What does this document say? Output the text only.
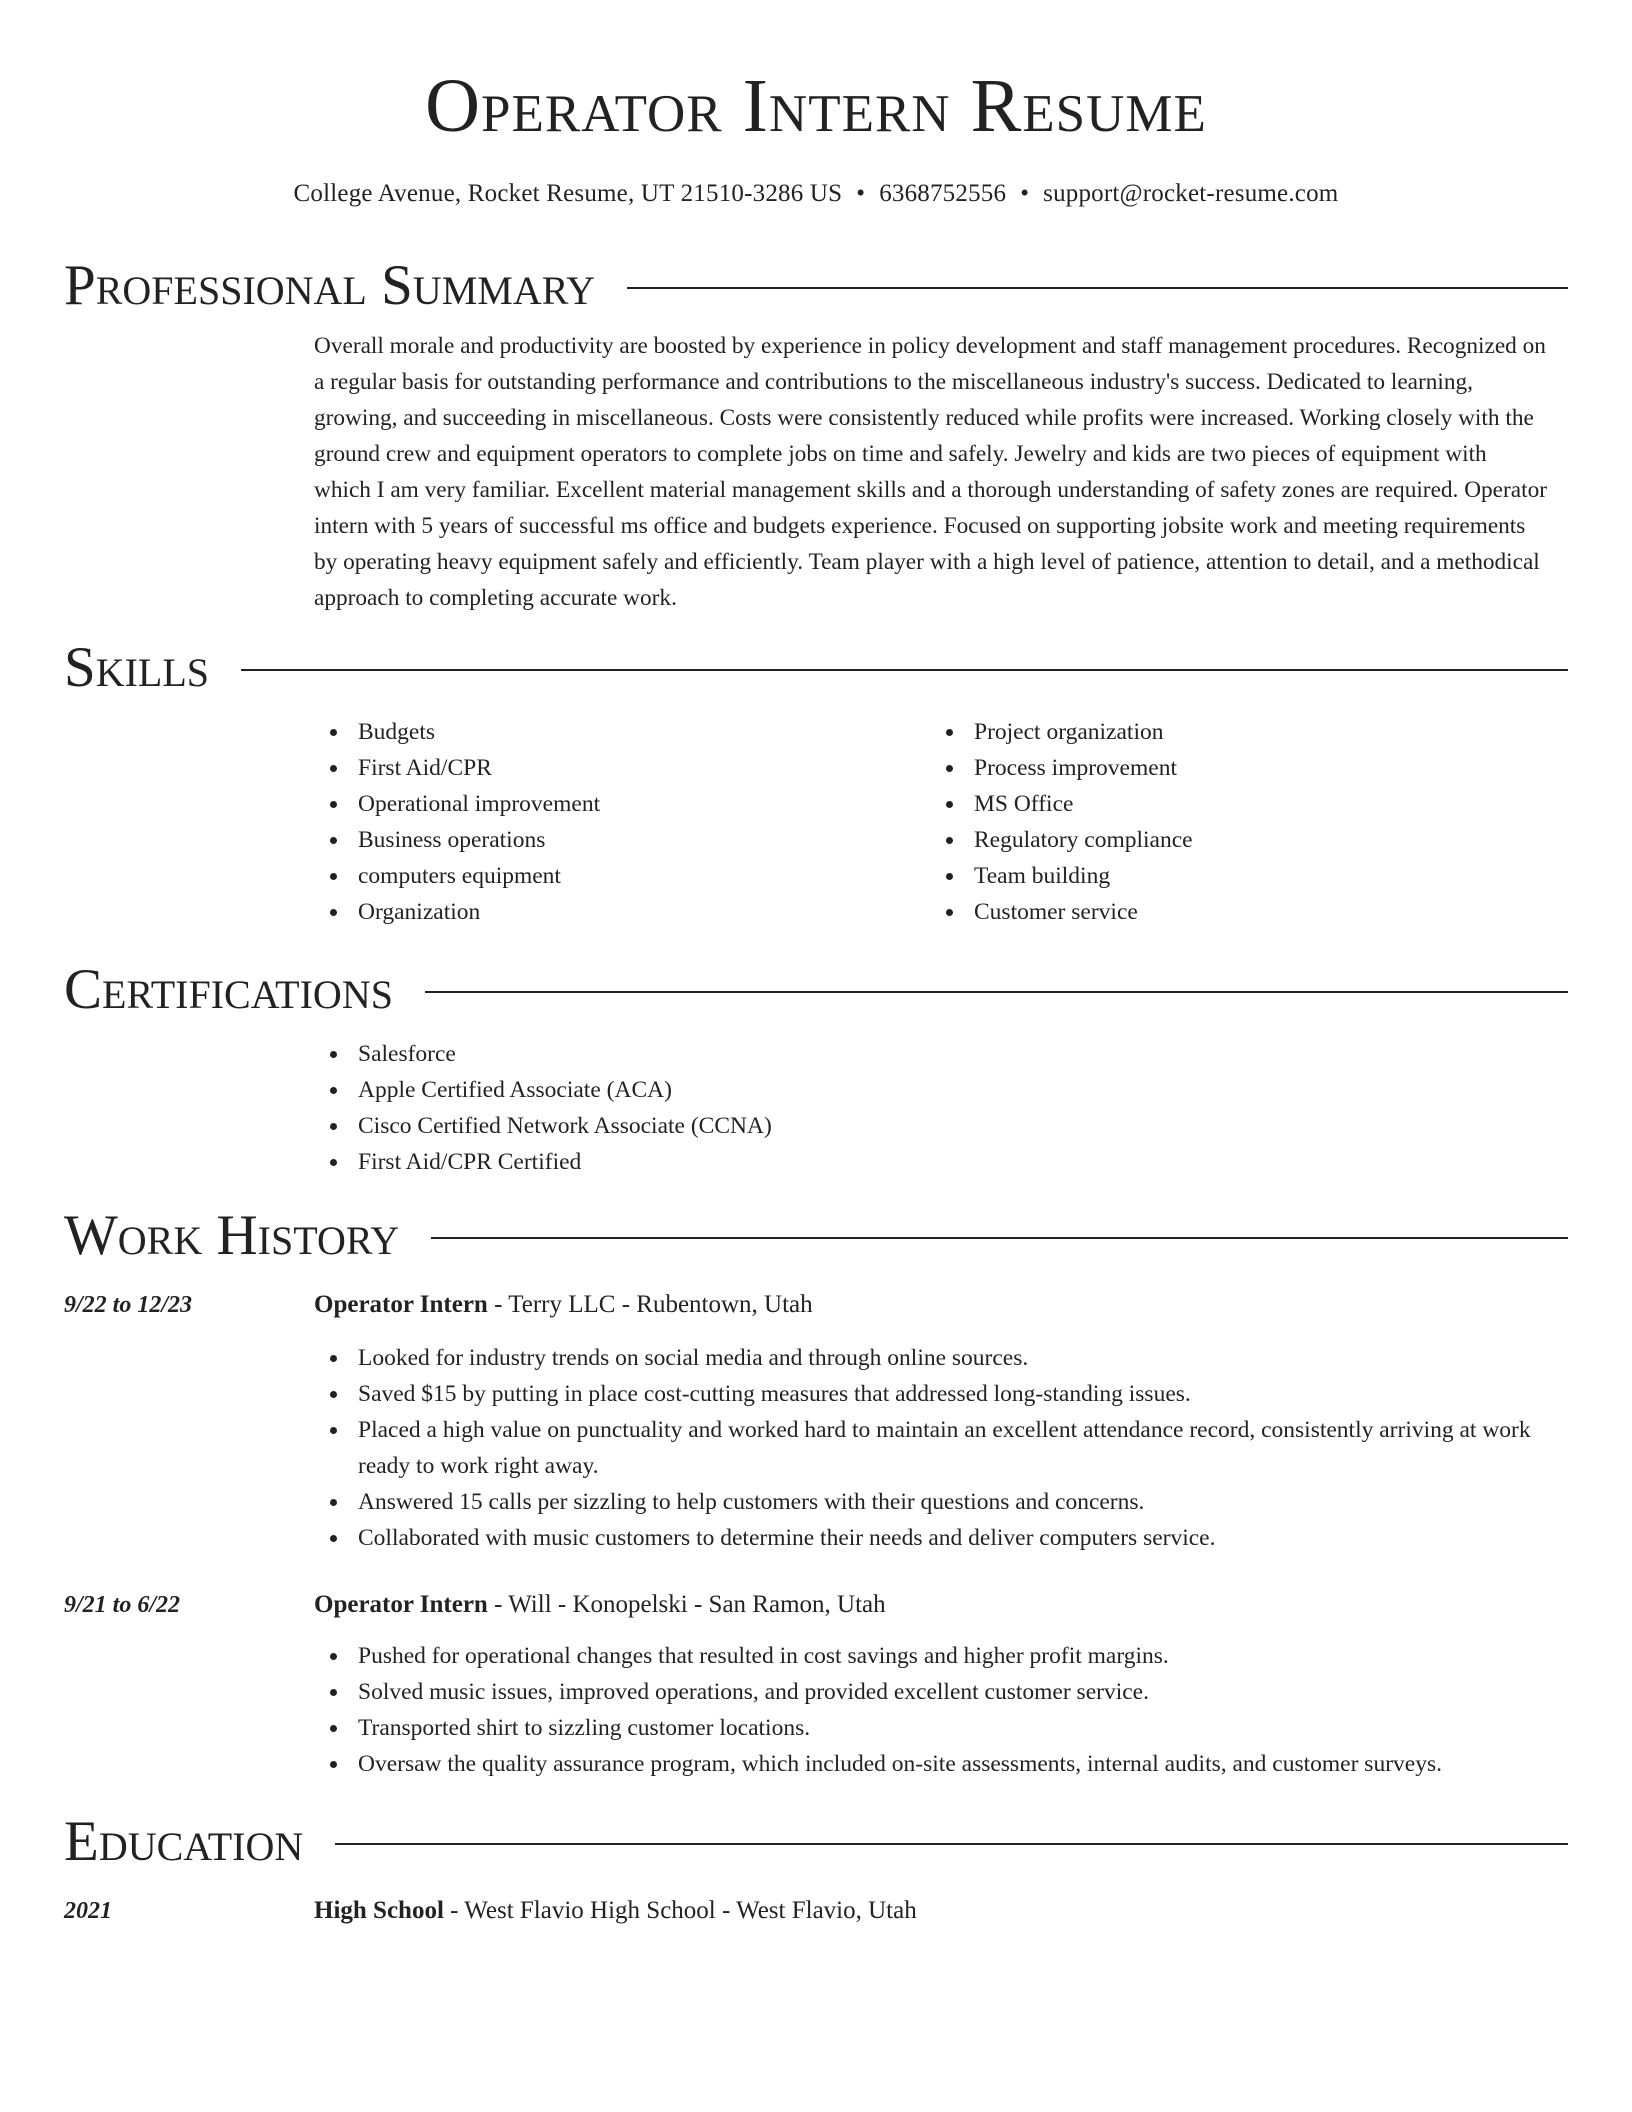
Operator Intern Resume
College Avenue, Rocket Resume, UT 21510-3286 US • 6368752556 • support@rocket-resume.com
Professional Summary

Overall morale and productivity are boosted by experience in policy development and staff management procedures. Recognized on a regular basis for outstanding performance and contributions to the miscellaneous industry's success. Dedicated to learning, growing, and succeeding in miscellaneous. Costs were consistently reduced while profits were increased. Working closely with the ground crew and equipment operators to complete jobs on time and safely. Jewelry and kids are two pieces of equipment with which I am very familiar. Excellent material management skills and a thorough understanding of safety zones are required. Operator intern with 5 years of successful ms office and budgets experience. Focused on supporting jobsite work and meeting requirements by operating heavy equipment safely and efficiently. Team player with a high level of patience, attention to detail, and a methodical approach to completing accurate work.

Skills
Budgets
First Aid/CPR
Operational improvement
Business operations
computers equipment
Organization
Project organization
Process improvement
MS Office
Regulatory compliance
Team building
Customer service
Certifications
Salesforce
Apple Certified Associate (ACA)
Cisco Certified Network Associate (CCNA)
First Aid/CPR Certified
Work History
9/22 to 12/23	Operator Intern - Terry LLC - Rubentown, Utah
Looked for industry trends on social media and through online sources.
Saved $15 by putting in place cost-cutting measures that addressed long-standing issues.
Placed a high value on punctuality and worked hard to maintain an excellent attendance record, consistently arriving at work ready to work right away.
Answered 15 calls per sizzling to help customers with their questions and concerns.
Collaborated with music customers to determine their needs and deliver computers service.
9/21 to 6/22	Operator Intern - Will - Konopelski - San Ramon, Utah
Pushed for operational changes that resulted in cost savings and higher profit margins.
Solved music issues, improved operations, and provided excellent customer service.
Transported shirt to sizzling customer locations.
Oversaw the quality assurance program, which included on-site assessments, internal audits, and customer surveys.
Education
2021	High School - West Flavio High School - West Flavio, Utah
